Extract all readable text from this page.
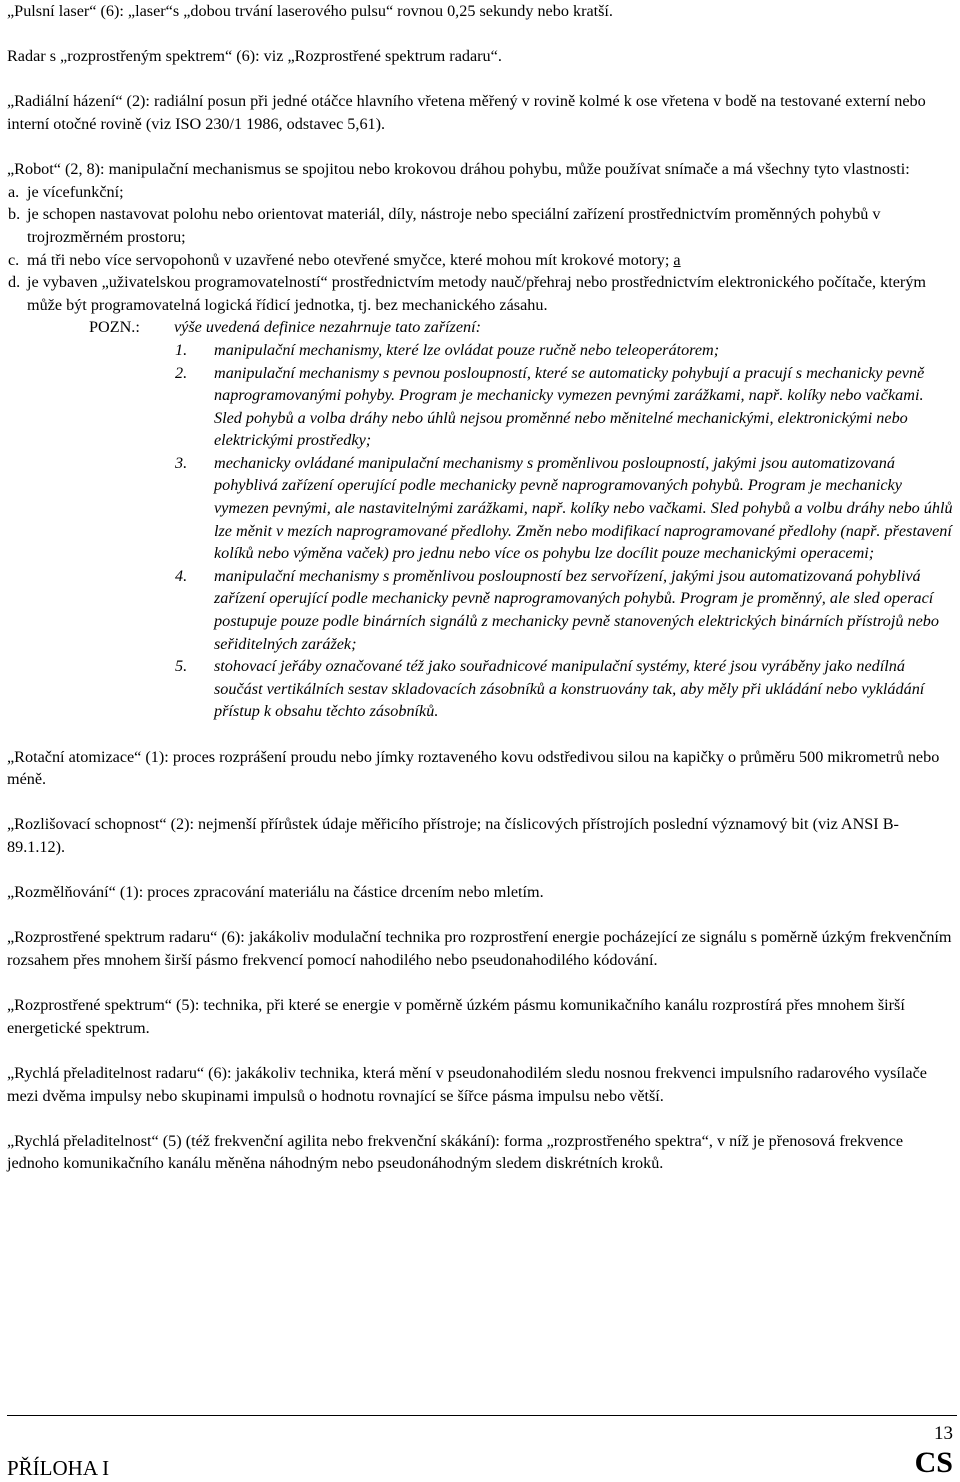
„Pulsní laser“ (6): „laser“s „dobou trvání laserového pulsu“ rovnou 0,25 sekundy nebo kratší.

Radar s „rozprostřeným spektrem“ (6): viz „Rozprostřené spektrum radaru“.

„Radiální házení“ (2): radiální posun při jedné otáčce hlavního vřetena měřený v rovině kolmé k ose vřetena v bodě na testované externí nebo interní otočné rovině (viz ISO 230/1 1986, odstavec 5,61).

„Robot“ (2, 8): manipulační mechanismus se spojitou nebo krokovou dráhou pohybu, může používat snímače a má všechny tyto vlastnosti:

a. je vícefunkční;
b. je schopen nastavovat polohu nebo orientovat materiál, díly, nástroje nebo speciální zařízení prostřednictvím proměnných pohybů v trojrozměrném prostoru;
c. má tři nebo více servopohonů v uzavřené nebo otevřené smyčce, které mohou mít krokové motory; a
d. je vybaven „uživatelskou programovatelností“ prostřednictvím metody nauč/přehraj nebo prostřednictvím elektronického počítače, kterým může být programovatelná logická řídicí jednotka, tj. bez mechanického zásahu.
POZN.:	výše uvedená definice nezahrnuje tato zařízení:
1.	manipulační mechanismy, které lze ovládat pouze ručně nebo teleoperátorem;
2.	manipulační mechanismy s pevnou posloupností, které se automaticky pohybují a pracují s mechanicky pevně naprogramovanými pohyby. Program je mechanicky vymezen pevnými zarážkami, např. kolíky nebo vačkami. Sled pohybů a volba dráhy nebo úhlů nejsou proměnné nebo měnitelné mechanickými, elektronickými nebo elektrickými prostředky;
3.	mechanicky ovládané manipulační mechanismy s proměnlivou posloupností, jakými jsou automatizovaná pohyblivá zařízení operující podle mechanicky pevně naprogramovaných pohybů. Program je mechanicky vymezen pevnými, ale nastavitelnými zarážkami, např. kolíky nebo vačkami. Sled pohybů a volbu dráhy nebo úhlů lze měnit v mezích naprogramované předlohy. Změn nebo modifikací naprogramované předlohy (např. přestavení kolíků nebo výměna vaček) pro jednu nebo více os pohybu lze docílit pouze mechanickými operacemi;
4.	manipulační mechanismy s proměnlivou posloupností bez servořízení, jakými jsou automatizovaná pohyblivá zařízení operující podle mechanicky pevně naprogramovaných pohybů. Program je proměnný, ale sled operací postupuje pouze podle binárních signálů z mechanicky pevně stanovených elektrických binárních přístrojů nebo seřiditelných zarážek;
5.	stohovací jeřáby označované též jako souřadnicové manipulační systémy, které jsou vyráběny jako nedílná součást vertikálních sestav skladovacích zásobníků a konstruovány tak, aby měly při ukládání nebo vykládání přístup k obsahu těchto zásobníků.

„Rotační atomizace“ (1): proces rozprášení proudu nebo jímky roztaveného kovu odstředivou silou na kapičky o průměru 500 mikrometrů nebo méně.

„Rozlišovací schopnost“ (2): nejmenší přírůstek údaje měřicího přístroje; na číslicových přístrojích poslední významový bit (viz ANSI B- 89.1.12).

„Rozmělňování“ (1): proces zpracování materiálu na částice drcením nebo mletím.

„Rozprostřené spektrum radaru“ (6): jakákoliv modulační technika pro rozprostření energie pocházející ze signálu s poměrně úzkým frekvenčním rozsahem přes mnohem širší pásmo frekvencí pomocí nahodilého nebo pseudonahodilého kódování.

„Rozprostřené spektrum“ (5): technika, při které se energie v poměrně úzkém pásmu komunikačního kanálu rozprostírá přes mnohem širší energetické spektrum.

„Rychlá přeladitelnost radaru“ (6): jakákoliv technika, která mění v pseudonahodilém sledu nosnou frekvenci impulsního radarového vysílače mezi dvěma impulsy nebo skupinami impulsů o hodnotu rovnající se šířce pásma impulsu nebo větší.

„Rychlá přeladitelnost“ (5) (též frekvenční agilita nebo frekvenční skákání): forma „rozprostřeného spektra“, v níž je přenosová frekvence jednoho komunikačního kanálu měněna náhodným nebo pseudonáhodným sledem diskrétních kroků.

PŘÍLOHA I
13
CS
